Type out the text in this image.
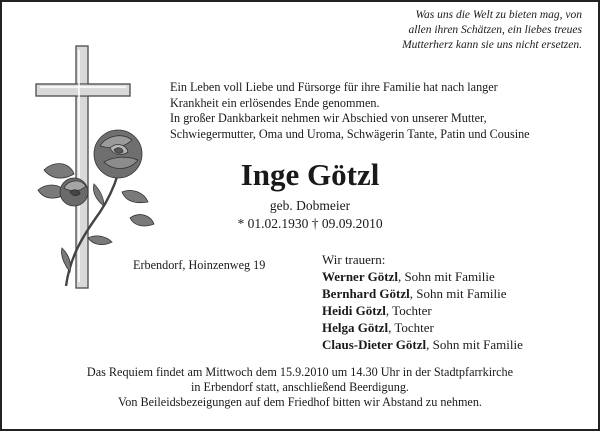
Was uns die Welt zu bieten mag, von
allen ihren Schätzen, ein liebes treues
Mutterherz kann sie uns nicht ersetzen.
Ein Leben voll Liebe und Fürsorge für ihre Familie hat nach langer
Krankheit ein erlösendes Ende genommen.
In großer Dankbarkeit nehmen wir Abschied von unserer Mutter,
Schwiegermutter, Oma und Uroma, Schwägerin Tante, Patin und Cousine
Inge Götzl
geb. Dobmeier
* 01.02.1930 † 09.09.2010
Erbendorf, Hoinzenweg 19	Wir trauern:
Werner Götzl, Sohn mit Familie
Bernhard Götzl, Sohn mit Familie
Heidi Götzl, Tochter
Helga Götzl, Tochter
Claus-Dieter Götzl, Sohn mit Familie
Das Requiem findet am Mittwoch dem 15.9.2010 um 14.30 Uhr in der Stadtpfarrkirche
in Erbendorf statt, anschließend Beerdigung.
Von Beileidsbezeigungen auf dem Friedhof bitten wir Abstand zu nehmen.
